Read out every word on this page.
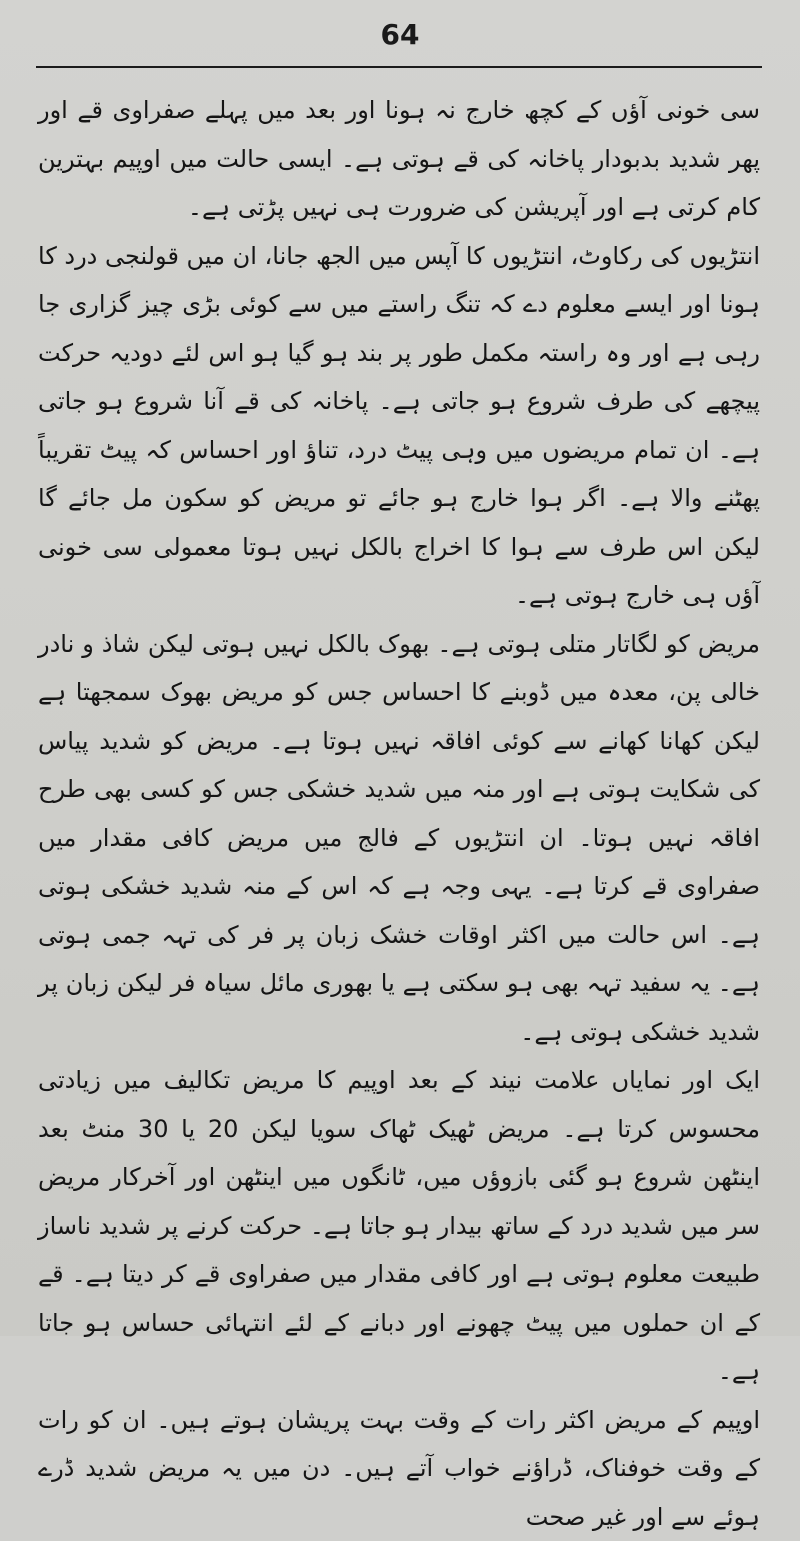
64

سی خونی آؤں کے کچھ خارج نہ ہونا اور بعد میں پہلے صفراوی قے اور پھر شدید بدبودار پاخانہ کی قے ہوتی ہے۔ ایسی حالت میں اوپیم بہترین کام کرتی ہے اور آپریشن کی ضرورت ہی نہیں پڑتی ہے۔

انتڑیوں کی رکاوٹ، انتڑیوں کا آپس میں الجھ جانا، ان میں قولنجی درد کا ہونا اور ایسے معلوم دے کہ تنگ راستے میں سے کوئی بڑی چیز گزاری جا رہی ہے اور وہ راستہ مکمل طور پر بند ہو گیا ہو اس لئے دودیہ حرکت پیچھے کی طرف شروع ہو جاتی ہے۔ پاخانہ کی قے آنا شروع ہو جاتی ہے۔ ان تمام مریضوں میں وہی پیٹ درد، تناؤ اور احساس کہ پیٹ تقریباً پھٹنے والا ہے۔ اگر ہوا خارج ہو جائے تو مریض کو سکون مل جائے گا لیکن اس طرف سے ہوا کا اخراج بالکل نہیں ہوتا معمولی سی خونی آؤں ہی خارج ہوتی ہے۔

مریض کو لگاتار متلی ہوتی ہے۔ بھوک بالکل نہیں ہوتی لیکن شاذ و نادر خالی پن، معدہ میں ڈوبنے کا احساس جس کو مریض بھوک سمجھتا ہے لیکن کھانا کھانے سے کوئی افاقہ نہیں ہوتا ہے۔ مریض کو شدید پیاس کی شکایت ہوتی ہے اور منہ میں شدید خشکی جس کو کسی بھی طرح افاقہ نہیں ہوتا۔ ان انتڑیوں کے فالج میں مریض کافی مقدار میں صفراوی قے کرتا ہے۔ یہی وجہ ہے کہ اس کے منہ شدید خشکی ہوتی ہے۔ اس حالت میں اکثر اوقات خشک زبان پر فر کی تہہ جمی ہوتی ہے۔ یہ سفید تہہ بھی ہو سکتی ہے یا بھوری مائل سیاہ فر لیکن زبان پر شدید خشکی ہوتی ہے۔

ایک اور نمایاں علامت نیند کے بعد اوپیم کا مریض تکالیف میں زیادتی محسوس کرتا ہے۔ مریض ٹھیک ٹھاک سویا لیکن 20 یا 30 منٹ بعد اینٹھن شروع ہو گئی بازوؤں میں، ٹانگوں میں اینٹھن اور آخرکار مریض سر میں شدید درد کے ساتھ بیدار ہو جاتا ہے۔ حرکت کرنے پر شدید ناساز طبیعت معلوم ہوتی ہے اور کافی مقدار میں صفراوی قے کر دیتا ہے۔ قے کے ان حملوں میں پیٹ چھونے اور دبانے کے لئے انتہائی حساس ہو جاتا ہے۔

اوپیم کے مریض اکثر رات کے وقت بہت پریشان ہوتے ہیں۔ ان کو رات کے وقت خوفناک، ڈراؤنے خواب آتے ہیں۔ دن میں یہ مریض شدید ڈرے ہوئے سے اور غیر صحت
